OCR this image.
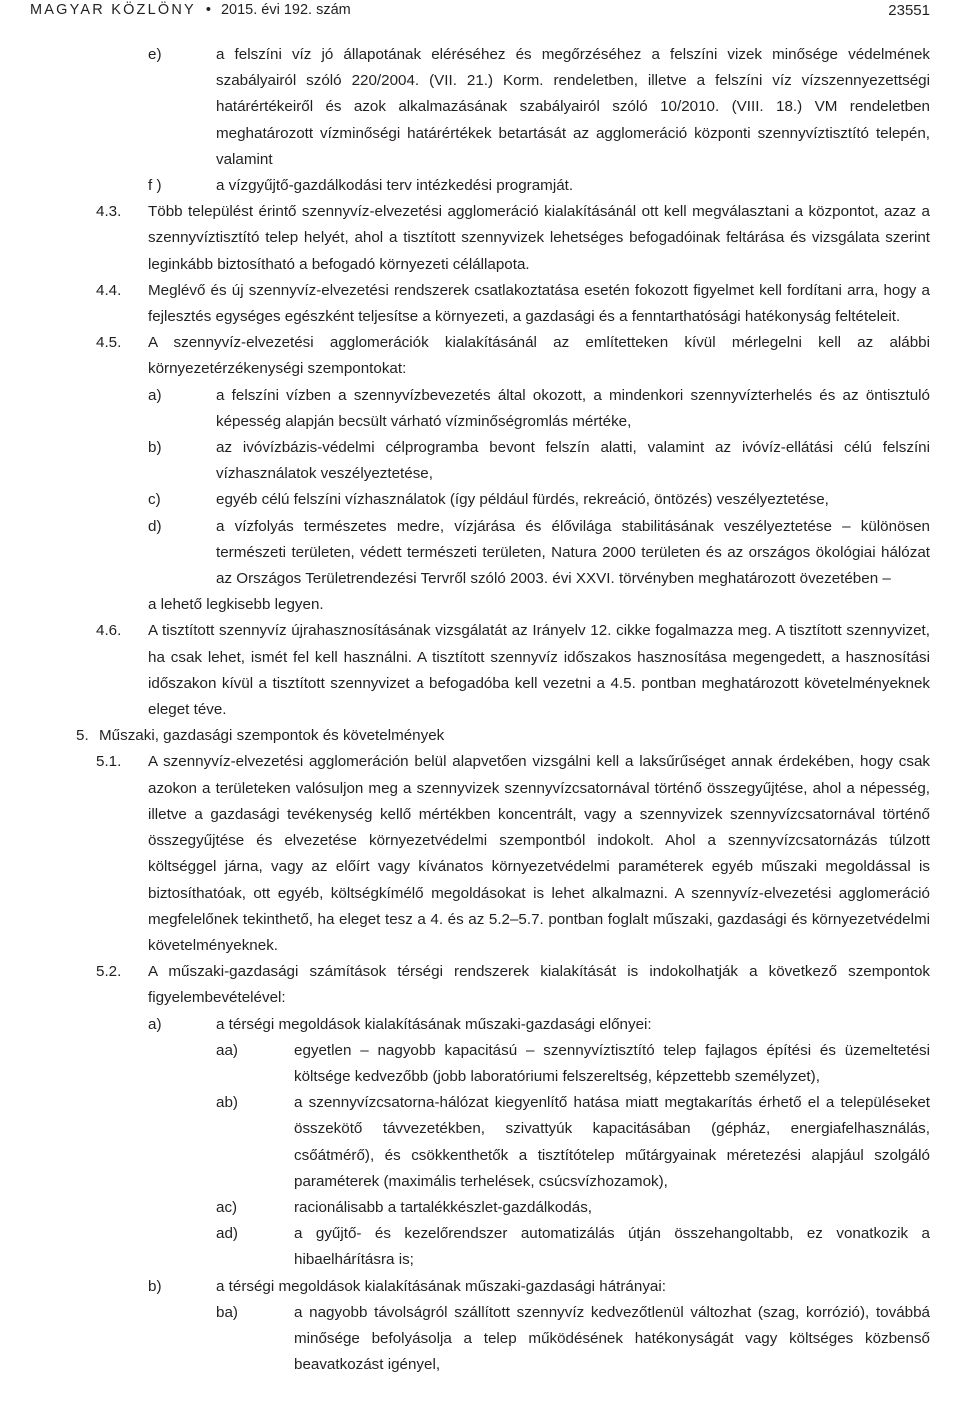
MAGYAR KÖZLÖNY • 2015. évi 192. szám	23551
e)	a felszíni víz jó állapotának eléréséhez és megőrzéséhez a felszíni vizek minősége védelmének szabályairól szóló 220/2004. (VII. 21.) Korm. rendeletben, illetve a felszíni víz vízszennyezettségi határértékeiről és azok alkalmazásának szabályairól szóló 10/2010. (VIII. 18.) VM rendeletben meghatározott vízminőségi határértékek betartását az agglomeráció központi szennyvíztisztító telepén, valamint
f )	a vízgyűjtő-gazdálkodási terv intézkedési programját.
4.3. Több települést érintő szennyvíz-elvezetési agglomeráció kialakításánál ott kell megválasztani a központot, azaz a szennyvíztisztító telep helyét, ahol a tisztított szennyvizek lehetséges befogadóinak feltárása és vizsgálata szerint leginkább biztosítható a befogadó környezeti célállapota.
4.4. Meglévő és új szennyvíz-elvezetési rendszerek csatlakoztatása esetén fokozott figyelmet kell fordítani arra, hogy a fejlesztés egységes egészként teljesítse a környezeti, a gazdasági és a fenntarthatósági hatékonyság feltételeit.
4.5. A szennyvíz-elvezetési agglomerációk kialakításánál az említetteken kívül mérlegelni kell az alábbi környezetérzékenységi szempontokat:
a)	a felszíni vízben a szennyvízbevezetés által okozott, a mindenkori szennyvízterhelés és az öntisztuló képesség alapján becsült várható vízminőségromlás mértéke,
b)	az ivóvízbázis-védelmi célprogramba bevont felszín alatti, valamint az ivóvíz-ellátási célú felszíni vízhasználatok veszélyeztetése,
c)	egyéb célú felszíni vízhasználatok (így például fürdés, rekreáció, öntözés) veszélyeztetése,
d)	a vízfolyás természetes medre, vízjárása és élővilága stabilitásának veszélyeztetése – különösen természeti területen, védett természeti területen, Natura 2000 területen és az országos ökológiai hálózat az Országos Területrendezési Tervről szóló 2003. évi XXVI. törvényben meghatározott övezetében –
a lehető legkisebb legyen.
4.6. A tisztított szennyvíz újrahasznosításának vizsgálatát az Irányelv 12. cikke fogalmazza meg. A tisztított szennyvizet, ha csak lehet, ismét fel kell használni. A tisztított szennyvíz időszakos hasznosítása megengedett, a hasznosítási időszakon kívül a tisztított szennyvizet a befogadóba kell vezetni a 4.5. pontban meghatározott követelményeknek eleget téve.
5. Műszaki, gazdasági szempontok és követelmények
5.1. A szennyvíz-elvezetési agglomeráción belül alapvetően vizsgálni kell a laksűrűséget annak érdekében, hogy csak azokon a területeken valósuljon meg a szennyvizek szennyvízcsatornával történő összegyűjtése, ahol a népesség, illetve a gazdasági tevékenység kellő mértékben koncentrált, vagy a szennyvizek szennyvízcsatornával történő összegyűjtése és elvezetése környezetvédelmi szempontból indokolt. Ahol a szennyvízcsatornázás túlzott költséggel járna, vagy az előírt vagy kívánatos környezetvédelmi paraméterek egyéb műszaki megoldással is biztosíthatóak, ott egyéb, költségkímélő megoldásokat is lehet alkalmazni. A szennyvíz-elvezetési agglomeráció megfelelőnek tekinthető, ha eleget tesz a 4. és az 5.2–5.7. pontban foglalt műszaki, gazdasági és környezetvédelmi követelményeknek.
5.2. A műszaki-gazdasági számítások térségi rendszerek kialakítását is indokolhatják a következő szempontok figyelembevételével:
a)	a térségi megoldások kialakításának műszaki-gazdasági előnyei:
aa)	egyetlen – nagyobb kapacitású – szennyvíztisztító telep fajlagos építési és üzemeltetési költsége kedvezőbb (jobb laboratóriumi felszereltség, képzettebb személyzet),
ab)	a szennyvízcsatorna-hálózat kiegyenlítő hatása miatt megtakarítás érhető el a településeket összekötő távvezetékben, szivattyúk kapacitásában (gépház, energiafelhasználás, csőátmérő), és csökkenthetők a tisztítótelep műtárgyainak méretezési alapjául szolgáló paraméterek (maximális terhelések, csúcsvízhozamok),
ac)	racionálisabb a tartalékkészlet-gazdálkodás,
ad)	a gyűjtő- és kezelőrendszer automatizálás útján összehangoltabb, ez vonatkozik a hibaelhárításra is;
b)	a térségi megoldások kialakításának műszaki-gazdasági hátrányai:
ba)	a nagyobb távolságról szállított szennyvíz kedvezőtlenül változhat (szag, korrózió), továbbá minősége befolyásolja a telep működésének hatékonyságát vagy költséges közbenső beavatkozást igényel,
